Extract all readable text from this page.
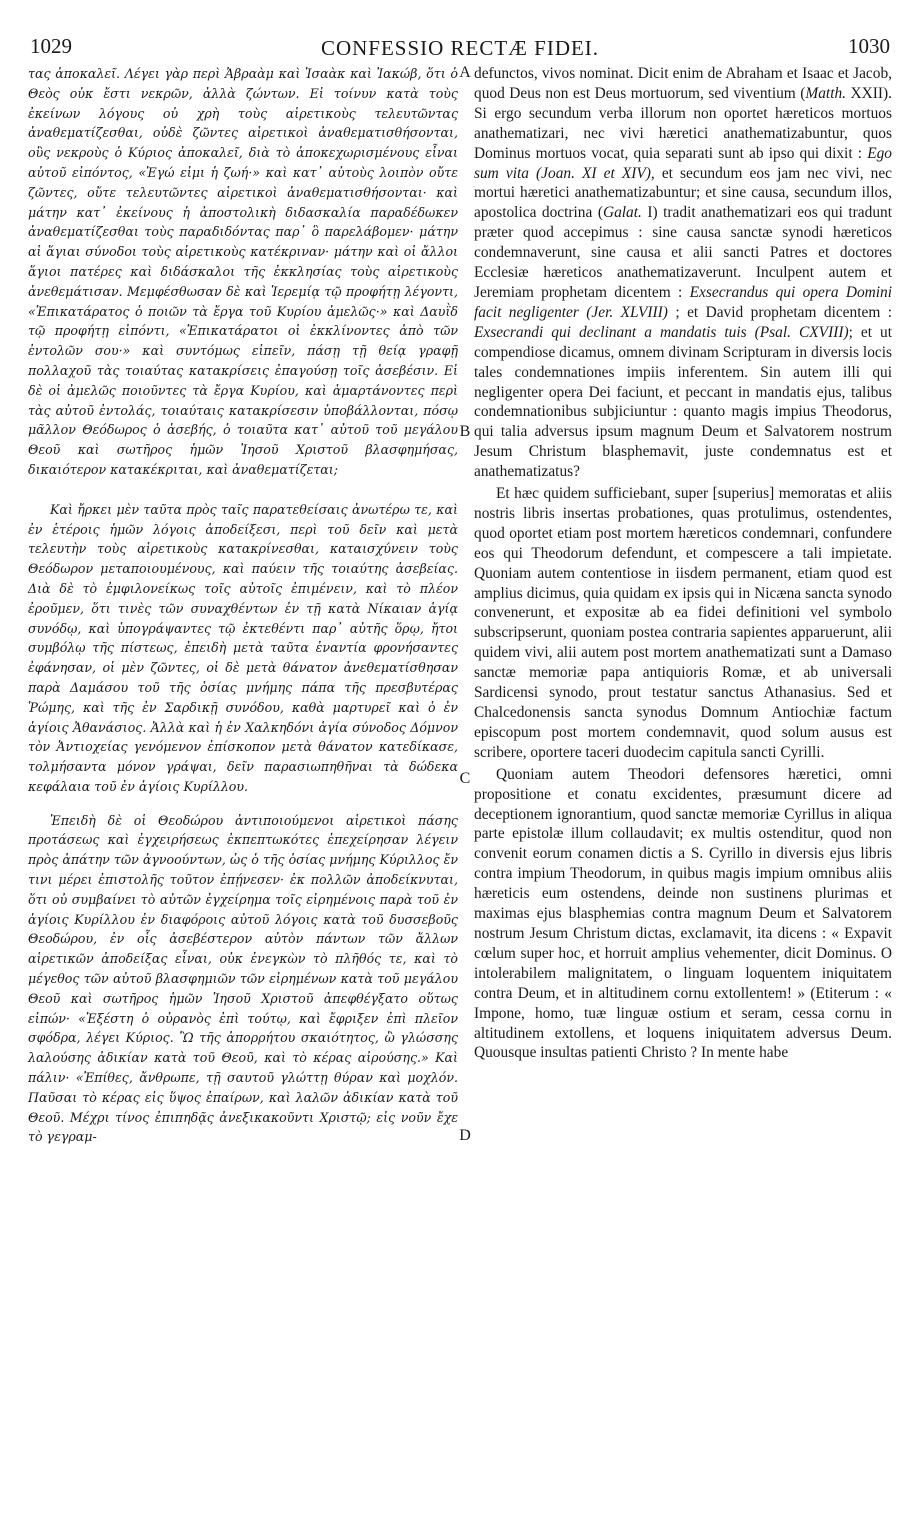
1029	CONFESSIO RECTÆ FIDEI.	1030

τας ἀποκαλεῖ. Λέγει γὰρ περὶ Ἀβραὰμ καὶ Ἰσαὰκ καὶ Ἰακώβ, ὅτι ὁ Θεὸς οὐκ ἔστι νεκρῶν, ἀλλὰ ζώντων. Εἰ τοίνυν κατὰ τοὺς ἐκείνων λόγους οὐ χρὴ τοὺς αἱρετικοὺς τελευτῶντας ἀναθεματίζεσθαι, οὐδὲ ζῶντες αἱρετικοὶ ἀναθεματισθήσονται, οὓς νεκροὺς ὁ Κύριος ἀποκαλεῖ, διὰ τὸ ἀποκεχωρισμένους εἶναι αὐτοῦ εἰπόντος, «Ἐγώ εἰμι ἡ ζωή·» καὶ κατ᾽ αὐτοὺς λοιπὸν οὔτε ζῶντες, οὔτε τελευτῶντες αἱρετικοὶ ἀναθεματισθήσονται· καὶ μάτην κατ᾽ ἐκείνους ἡ ἀποστολικὴ διδασκαλία παραδέδωκεν ἀναθεματίζεσθαι τοὺς παραδιδόντας παρ᾽ ὃ παρελάβομεν· μάτην αἱ ἅγιαι σύνοδοι τοὺς αἱρετικοὺς κατέκριναν· μάτην καὶ οἱ ἄλλοι ἅγιοι πατέρες καὶ διδάσκαλοι τῆς ἐκκλησίας τοὺς αἱρετικοὺς ἀνεθεμάτισαν. Μεμφέσθωσαν δὲ καὶ Ἱερεμίᾳ τῷ προφήτῃ λέγοντι, «Ἐπικατάρατος ὁ ποιῶν τὰ ἔργα τοῦ Κυρίου ἀμελῶς·» καὶ Δαυῒδ τῷ προφήτῃ εἰπόντι, «Ἐπικατάρατοι οἱ ἐκκλίνοντες ἀπὸ τῶν ἐντολῶν σου·» καὶ συντόμως εἰπεῖν, πάσῃ τῇ θείᾳ γραφῇ πολλαχοῦ τὰς τοιαύτας κατακρίσεις ἐπαγούσῃ τοῖς ἀσεβέσιν. Εἰ δὲ οἱ ἀμελῶς ποιοῦντες τὰ ἔργα Κυρίου, καὶ ἁμαρτάνοντες περὶ τὰς αὐτοῦ ἐντολάς, τοιαύταις κατακρίσεσιν ὑποβάλλονται, πόσῳ μᾶλλον Θεόδωρος ὁ ἀσεβής, ὁ τοιαῦτα κατ᾽ αὐτοῦ τοῦ μεγάλου Θεοῦ καὶ σωτῆρος ἡμῶν Ἰησοῦ Χριστοῦ βλασφημήσας, δικαιότερον κατακέκριται, καὶ ἀναθεματίζεται;

Καὶ ἤρκει μὲν ταῦτα πρὸς ταῖς παρατεθείσαις ἀνωτέρω τε, καὶ ἐν ἑτέροις ἡμῶν λόγοις ἀποδείξεσι, περὶ τοῦ δεῖν καὶ μετὰ τελευτὴν τοὺς αἱρετικοὺς κατακρίνεσθαι, καταισχύνειν τοὺς Θεόδωρον μεταποιουμένους, καὶ παύειν τῆς τοιαύτης ἀσεβείας. Διὰ δὲ τὸ ἐμφιλονείκως τοῖς αὐτοῖς ἐπιμένειν, καὶ τὸ πλέον ἐροῦμεν, ὅτι τινὲς τῶν συναχθέντων ἐν τῇ κατὰ Νίκαιαν ἁγίᾳ συνόδῳ, καὶ ὑπογράψαντες τῷ ἐκτεθέντι παρ᾽ αὐτῆς ὅρῳ, ἤτοι συμβόλῳ τῆς πίστεως, ἐπειδὴ μετὰ ταῦτα ἐναντία φρονήσαντες ἐφάνησαν, οἱ μὲν ζῶντες, οἱ δὲ μετὰ θάνατον ἀνεθεματίσθησαν παρὰ Δαμάσου τοῦ τῆς ὁσίας μνήμης πάπα τῆς πρεσβυτέρας Ῥώμης, καὶ τῆς ἐν Σαρδικῇ συνόδου, καθὰ μαρτυρεῖ καὶ ὁ ἐν ἁγίοις Ἀθανάσιος. Ἀλλὰ καὶ ἡ ἐν Χαλκηδόνι ἁγία σύνοδος Δόμνον τὸν Ἀντιοχείας γενόμενον ἐπίσκοπον μετὰ θάνατον κατεδίκασε, τολμήσαντα μόνον γράψαι, δεῖν παρασιωπηθῆναι τὰ δώδεκα κεφάλαια τοῦ ἐν ἁγίοις Κυρίλλου.

Ἐπειδὴ δὲ οἱ Θεοδώρου ἀντιποιούμενοι αἱρετικοὶ πάσης προτάσεως καὶ ἐγχειρήσεως ἐκπεπτωκότες ἐπεχείρησαν λέγειν πρὸς ἀπάτην τῶν ἀγνοούντων, ὡς ὁ τῆς ὁσίας μνήμης Κύριλλος ἔν τινι μέρει ἐπιστολῆς τοῦτον ἐπῄνεσεν· ἐκ πολλῶν ἀποδείκνυται, ὅτι οὐ συμβαίνει τὸ αὐτῶν ἐγχείρημα τοῖς εἰρημένοις παρὰ τοῦ ἐν ἁγίοις Κυρίλλου ἐν διαφόροις αὐτοῦ λόγοις κατὰ τοῦ δυσσεβοῦς Θεοδώρου, ἐν οἷς ἀσεβέστερον αὐτὸν πάντων τῶν ἄλλων αἱρετικῶν ἀποδείξας εἶναι, οὐκ ἐνεγκὼν τὸ πλῆθός τε, καὶ τὸ μέγεθος τῶν αὐτοῦ βλασφημιῶν τῶν εἰρημένων κατὰ τοῦ μεγάλου Θεοῦ καὶ σωτῆρος ἡμῶν Ἰησοῦ Χριστοῦ ἀπεφθέγξατο οὕτως εἰπών· «Ἐξέστη ὁ οὐρανὸς ἐπὶ τούτῳ, καὶ ἔφριξεν ἐπὶ πλεῖον σφόδρα, λέγει Κύριος. Ὢ τῆς ἀπορρήτου σκαιότητος, ὢ γλώσσης λαλούσης ἀδικίαν κατὰ τοῦ Θεοῦ, καὶ τὸ κέρας αἰρούσης.» Καὶ πάλιν· «Ἐπίθες, ἄνθρωπε, τῇ σαυτοῦ γλώττῃ θύραν καὶ μοχλόν. Παῦσαι τὸ κέρας εἰς ὕψος ἐπαίρων, καὶ λαλῶν ἀδικίαν κατὰ τοῦ Θεοῦ. Μέχρι τίνος ἐπιπηδᾷς ἀνεξικακοῦντι Χριστῷ; εἰς νοῦν ἔχε τὸ γεγραμ-

A
B
C
D

defunctos, vivos nominat. Dicit enim de Abraham et Isaac et Jacob, quod Deus non est Deus mortuorum, sed viventium (Matth. XXII). Si ergo secundum verba illorum non oportet hæreticos mortuos anathematizari, nec vivi hæretici anathematizabuntur, quos Dominus mortuos vocat, quia separati sunt ab ipso qui dixit : Ego sum vita (Joan. XI et XIV), et secundum eos jam nec vivi, nec mortui hæretici anathematizabuntur; et sine causa, secundum illos, apostolica doctrina (Galat. I) tradit anathematizari eos qui tradunt præter quod accepimus : sine causa sanctæ synodi hæreticos condemnaverunt, sine causa et alii sancti Patres et doctores Ecclesiæ hæreticos anathematizaverunt. Inculpent autem et Jeremiam prophetam dicentem : Exsecrandus qui opera Domini facit negligenter (Jer. XLVIII) ; et David prophetam dicentem : Exsecrandi qui declinant a mandatis tuis (Psal. CXVIII); et ut compendiose dicamus, omnem divinam Scripturam in diversis locis tales condemnationes impiis inferentem. Sin autem illi qui negligenter opera Dei faciunt, et peccant in mandatis ejus, talibus condemnationibus subjiciuntur : quanto magis impius Theodorus, qui talia adversus ipsum magnum Deum et Salvatorem nostrum Jesum Christum blasphemavit, juste condemnatus est et anathematizatus?

Et hæc quidem sufficiebant, super [superius] memoratas et aliis nostris libris insertas probationes, quas protulimus, ostendentes, quod oportet etiam post mortem hæreticos condemnari, confundere eos qui Theodorum defendunt, et compescere a tali impietate. Quoniam autem contentiose in iisdem permanent, etiam quod est amplius dicimus, quia quidam ex ipsis qui in Nicæna sancta synodo convenerunt, et expositæ ab ea fidei definitioni vel symbolo subscripserunt, quoniam postea contraria sapientes apparuerunt, alii quidem vivi, alii autem post mortem anathematizati sunt a Damaso sanctæ memoriæ papa antiquioris Romæ, et ab universali Sardicensi synodo, prout testatur sanctus Athanasius. Sed et Chalcedonensis sancta synodus Domnum Antiochiæ factum episcopum post mortem condemnavit, quod solum ausus est scribere, oportere taceri duodecim capitula sancti Cyrilli.

Quoniam autem Theodori defensores hæretici, omni propositione et conatu excidentes, præsumunt dicere ad deceptionem ignorantium, quod sanctæ memoriæ Cyrillus in aliqua parte epistolæ illum collaudavit; ex multis ostenditur, quod non convenit eorum conamen dictis a S. Cyrillo in diversis ejus libris contra impium Theodorum, in quibus magis impium omnibus aliis hæreticis eum ostendens, deinde non sustinens plurimas et maximas ejus blasphemias contra magnum Deum et Salvatorem nostrum Jesum Christum dictas, exclamavit, ita dicens : « Expavit cœlum super hoc, et horruit amplius vehementer, dicit Dominus. O intolerabilem malignitatem, o linguam loquentem iniquitatem contra Deum, et in altitudinem cornu extollentem! » (Etiterum : « Impone, homo, tuæ linguæ ostium et seram, cessa cornu in altitudinem extollens, et loquens iniquitatem adversus Deum. Quousque insultas patienti Christo ? In mente habe
